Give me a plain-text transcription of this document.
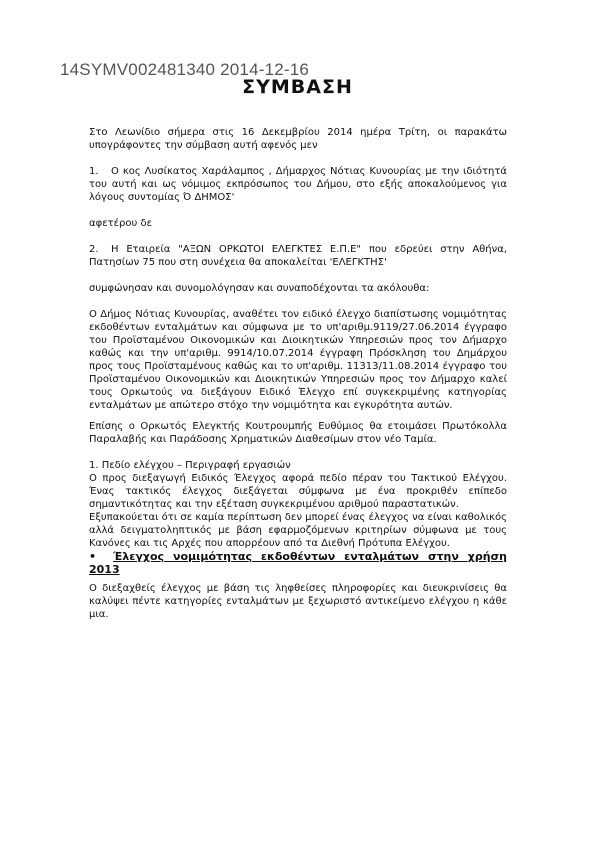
14SYMV002481340 2014-12-16
ΣΥΜΒΑΣΗ

Στο Λεωνίδιο σήμερα στις 16 Δεκεμβρίου 2014 ημέρα Τρίτη, οι παρακάτω υπογράφοντες την σύμβαση αυτή αφενός μεν

1. Ο κος Λυσίκατος Χαράλαμπος , Δήμαρχος Νότιας Κυνουρίας με την ιδιότητά του αυτή και ως νόμιμος εκπρόσωπος του Δήμου, στο εξής αποκαλούμενος για λόγους συντομίας Ό ΔΗΜΟΣ'

αφετέρου δε

2. Η Εταιρεία "ΑΞΩΝ ΟΡΚΩΤΟΙ ΕΛΕΓΚΤΕΣ Ε.Π.Ε" που εδρεύει στην Αθήνα, Πατησίων 75 που στη συνέχεια θα αποκαλείται 'ΕΛΕΓΚΤΗΣ'

συμφώνησαν και συνομολόγησαν και συναποδέχονται τα ακόλουθα:

Ο Δήμος Νότιας Κυνουρίας, αναθέτει τον ειδικό έλεγχο διαπίστωσης νομιμότητας εκδοθέντων ενταλμάτων και σύμφωνα με το υπ'αριθμ.9119/27.06.2014 έγγραφο του Προϊσταμένου Οικονομικών και Διοικητικών Υπηρεσιών προς τον Δήμαρχο καθώς και την υπ'αριθμ. 9914/10.07.2014 έγγραφη Πρόσκληση του Δημάρχου προς τους Προϊσταμένους καθώς και το υπ'αριθμ. 11313/11.08.2014 έγγραφο του Προϊσταμένου Οικονομικών και Διοικητικών Υπηρεσιών προς τον Δήμαρχο καλεί τους Ορκωτούς να διεξάγουν Ειδικό Έλεγχο επί συγκεκριμένης κατηγορίας ενταλμάτων με απώτερο στόχο την νομιμότητα και εγκυρότητα αυτών.

Επίσης ο Ορκωτός Ελεγκτής Κουτρουμπής Ευθύμιος θα ετοιμάσει Πρωτόκολλα Παραλαβής και Παράδοσης Χρηματικών Διαθεσίμων στον νέο Ταμία.

1. Πεδίο ελέγχου – Περιγραφή εργασιών

Ο προς διεξαγωγή Ειδικός Έλεγχος αφορά πεδίο πέραν του Τακτικού Ελέγχου. Ένας τακτικός έλεγχος διεξάγεται σύμφωνα με ένα προκριθέν επίπεδο σημαντικότητας και την εξέταση συγκεκριμένου αριθμού παραστατικών.

Εξυπακούεται ότι σε καμία περίπτωση δεν μπορεί ένας έλεγχος να είναι καθολικός αλλά δειγματοληπτικός με βάση εφαρμοζόμενων κριτηρίων σύμφωνα με τους Κανόνες και τις Αρχές που απορρέουν από τα Διεθνή Πρότυπα Ελέγχου.

• Έλεγχος νομιμότητας εκδοθέντων ενταλμάτων στην χρήση 2013

Ο διεξαχθείς έλεγχος με βάση τις ληφθείσες πληροφορίες και διευκρινίσεις θα καλύψει πέντε κατηγορίες ενταλμάτων με ξεχωριστό αντικείμενο ελέγχου η κάθε μια.
